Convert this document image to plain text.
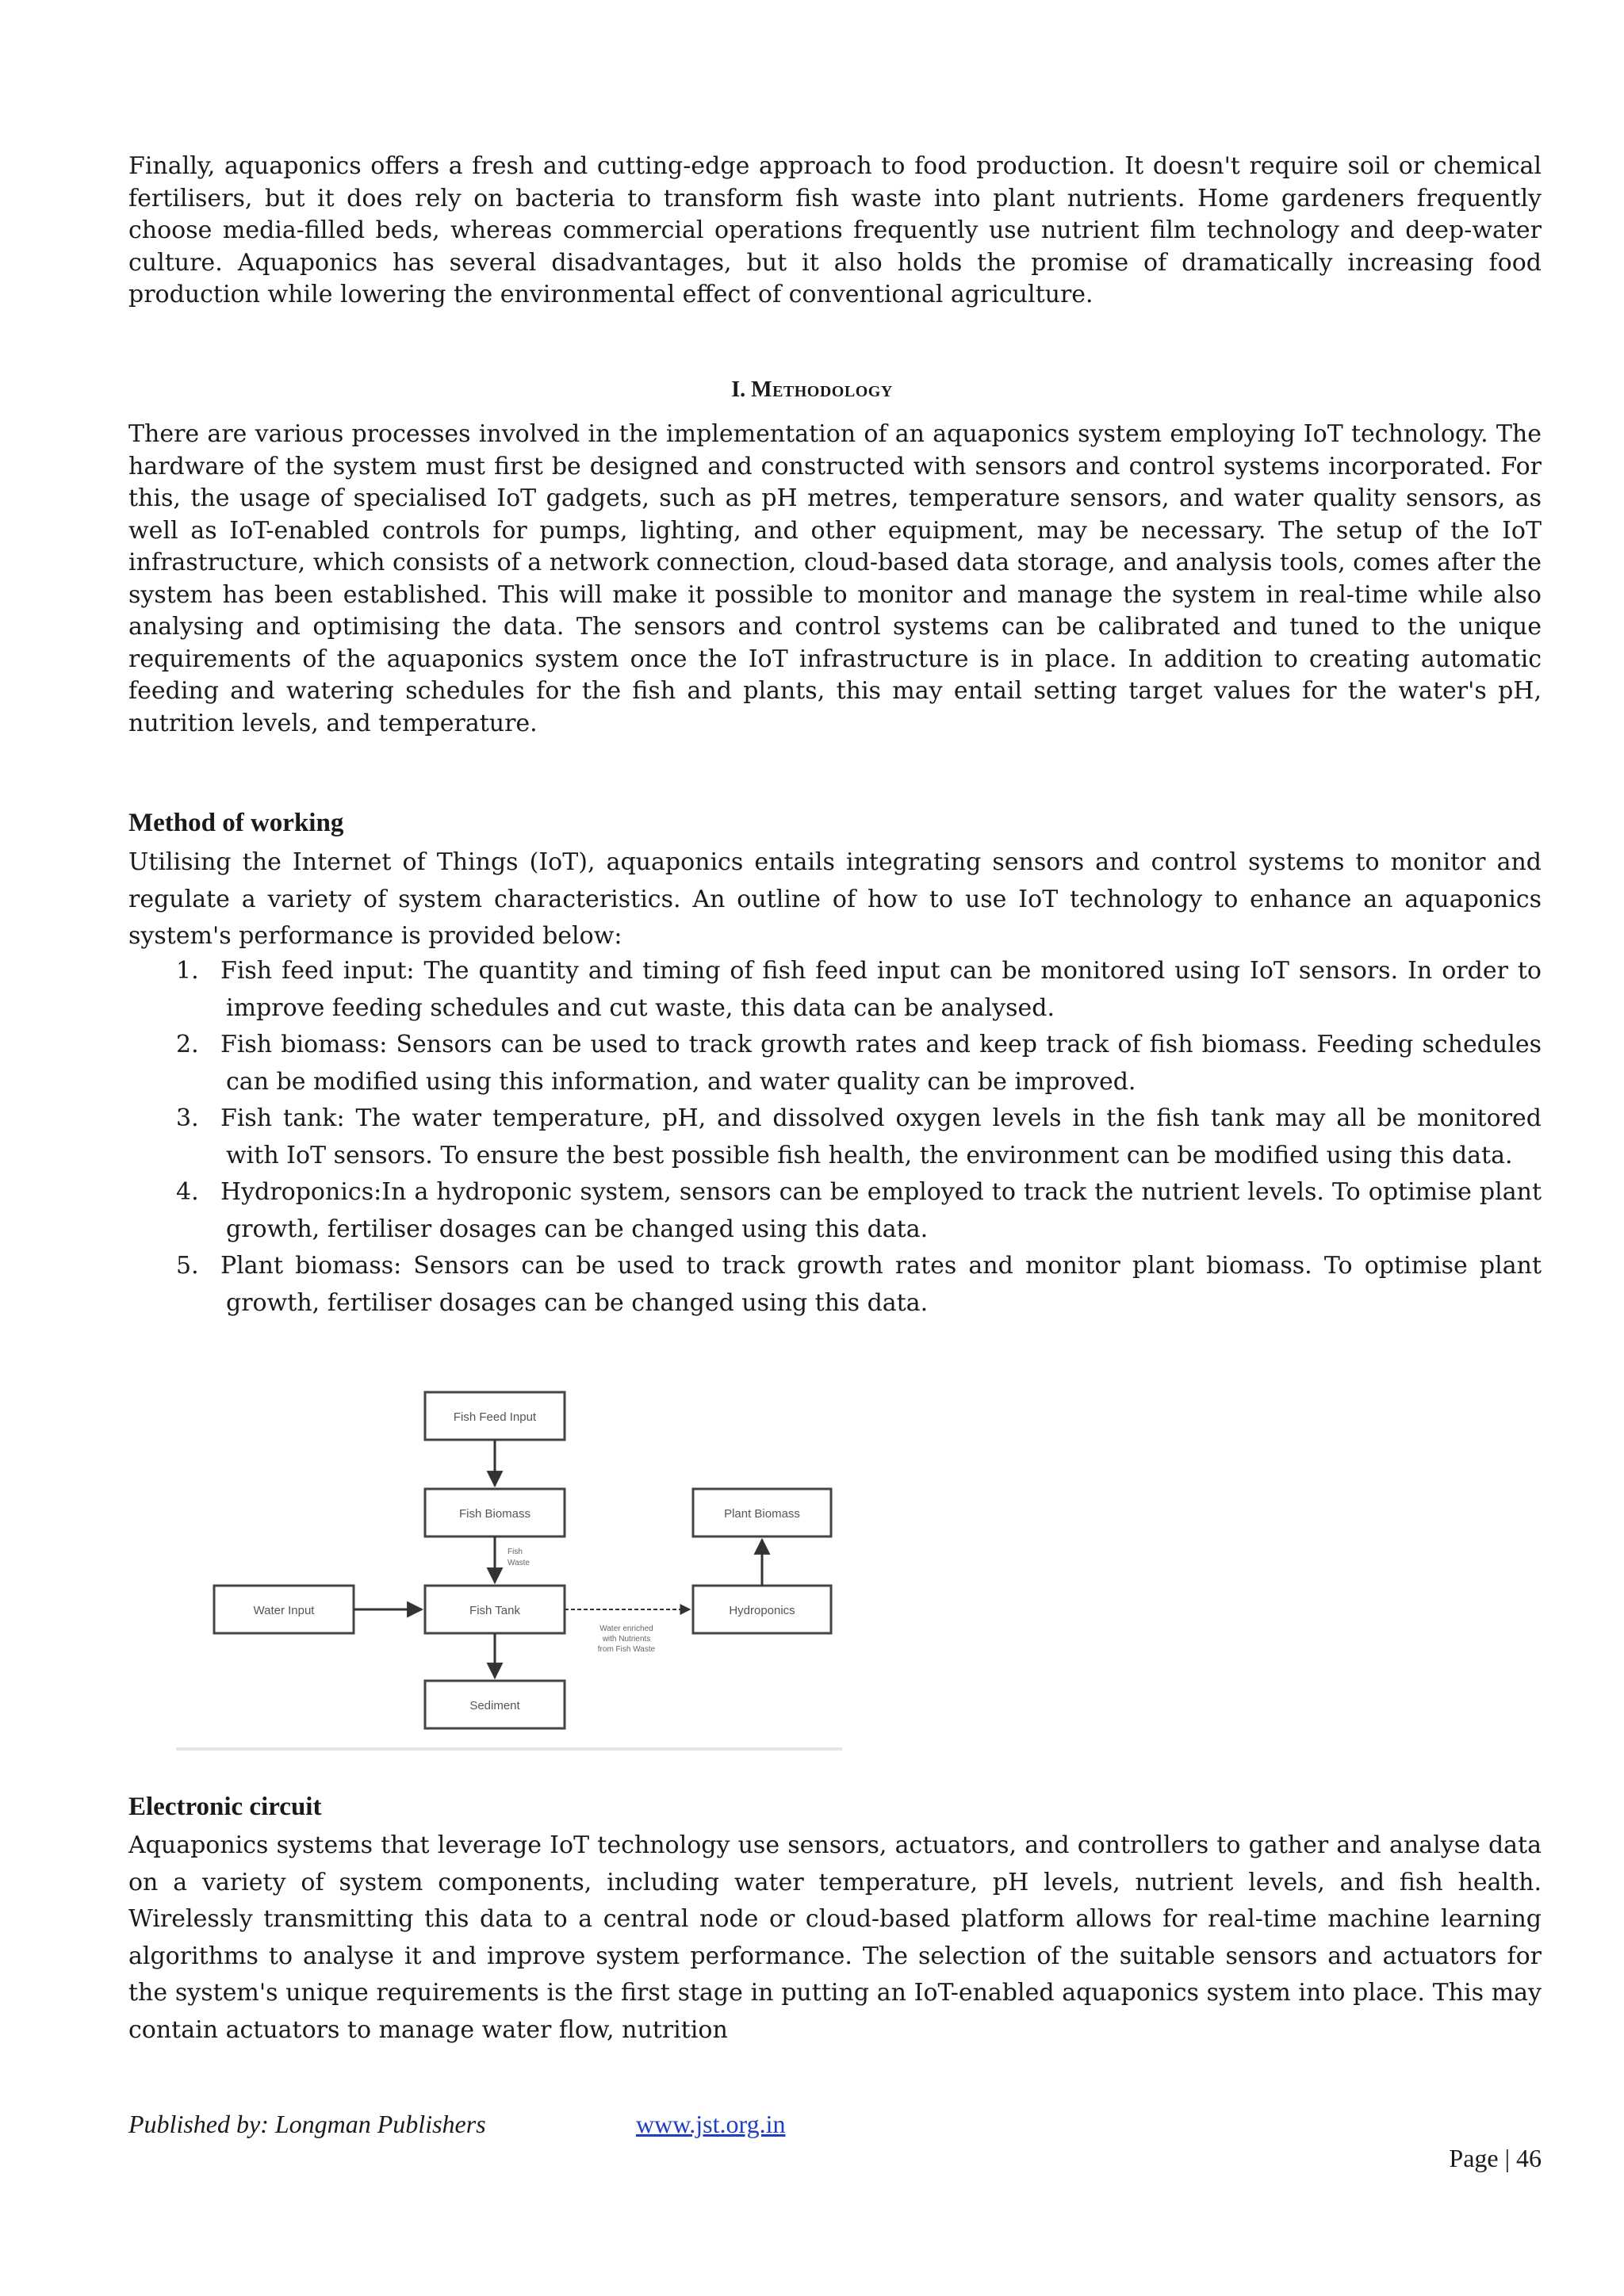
Finally, aquaponics offers a fresh and cutting-edge approach to food production. It doesn't require soil or chemical fertilisers, but it does rely on bacteria to transform fish waste into plant nutrients. Home gardeners frequently choose media-filled beds, whereas commercial operations frequently use nutrient film technology and deep-water culture. Aquaponics has several disadvantages, but it also holds the promise of dramatically increasing food production while lowering the environmental effect of conventional agriculture.

I. Methodology

There are various processes involved in the implementation of an aquaponics system employing IoT technology. The hardware of the system must first be designed and constructed with sensors and control systems incorporated. For this, the usage of specialised IoT gadgets, such as pH metres, temperature sensors, and water quality sensors, as well as IoT-enabled controls for pumps, lighting, and other equipment, may be necessary. The setup of the IoT infrastructure, which consists of a network connection, cloud-based data storage, and analysis tools, comes after the system has been established. This will make it possible to monitor and manage the system in real-time while also analysing and optimising the data. The sensors and control systems can be calibrated and tuned to the unique requirements of the aquaponics system once the IoT infrastructure is in place. In addition to creating automatic feeding and watering schedules for the fish and plants, this may entail setting target values for the water's pH, nutrition levels, and temperature.

Method of working

Utilising the Internet of Things (IoT), aquaponics entails integrating sensors and control systems to monitor and regulate a variety of system characteristics. An outline of how to use IoT technology to enhance an aquaponics system's performance is provided below:

1. Fish feed input: The quantity and timing of fish feed input can be monitored using IoT sensors. In order to improve feeding schedules and cut waste, this data can be analysed.
2. Fish biomass: Sensors can be used to track growth rates and keep track of fish biomass. Feeding schedules can be modified using this information, and water quality can be improved.
3. Fish tank: The water temperature, pH, and dissolved oxygen levels in the fish tank may all be monitored with IoT sensors. To ensure the best possible fish health, the environment can be modified using this data.
4. Hydroponics:In a hydroponic system, sensors can be employed to track the nutrient levels. To optimise plant growth, fertiliser dosages can be changed using this data.
5. Plant biomass: Sensors can be used to track growth rates and monitor plant biomass. To optimise plant growth, fertiliser dosages can be changed using this data.
Fish Feed Input
Fish Biomass	Plant Biomass
Water Input	Fish Tank	Hydroponics
Sediment
Fish
Waste
Water enriched
with Nutrients
from Fish Waste
Electronic circuit

Aquaponics systems that leverage IoT technology use sensors, actuators, and controllers to gather and analyse data on a variety of system components, including water temperature, pH levels, nutrient levels, and fish health. Wirelessly transmitting this data to a central node or cloud-based platform allows for real-time machine learning algorithms to analyse it and improve system performance. The selection of the suitable sensors and actuators for the system's unique requirements is the first stage in putting an IoT-enabled aquaponics system into place. This may contain actuators to manage water flow, nutrition

Published by: Longman Publishers	www.jst.org.in
Page | 46
